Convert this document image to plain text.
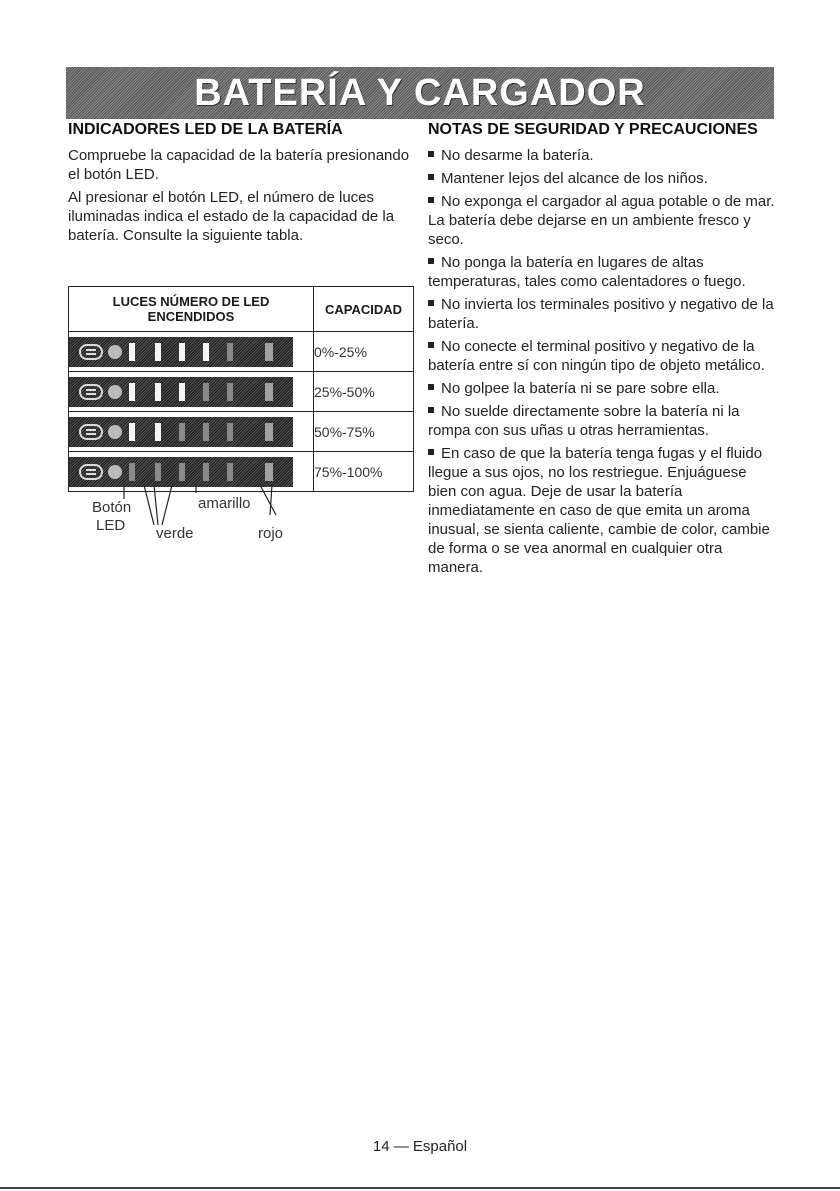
BATERÍA Y CARGADOR
INDICADORES LED DE LA BATERÍA

Compruebe la capacidad de la batería presionando el botón LED.

Al presionar el botón LED, el número de luces iluminadas indica el estado de la capacidad de la batería. Consulte la siguiente tabla.

LUCES NÚMERO DE LED ENCENDIDOS	CAPACIDAD

	0%-25%

	25%-50%

	50%-75%

	75%-100%
Botón
LED
amarillo
verde	rojo
NOTAS DE SEGURIDAD Y PRECAUCIONES

No desarme la batería.

Mantener lejos del alcance de los niños.

No exponga el cargador al agua potable o de mar. La batería debe dejarse en un ambiente fresco y seco.

No ponga la batería en lugares de altas temperaturas, tales como calentadores o fuego.

No invierta los terminales positivo y negativo de la batería.

No conecte el terminal positivo y negativo de la batería entre sí con ningún tipo de objeto metálico.

No golpee la batería ni se pare sobre ella.

No suelde directamente sobre la batería ni la rompa con sus uñas u otras herramientas.

En caso de que la batería tenga fugas y el fluido llegue a sus ojos, no los restriegue. Enjuáguese bien con agua. Deje de usar la batería inmediatamente en caso de que emita un aroma inusual, se sienta caliente, cambie de color, cambie de forma o se vea anormal en cualquier otra manera.

14 — Español
